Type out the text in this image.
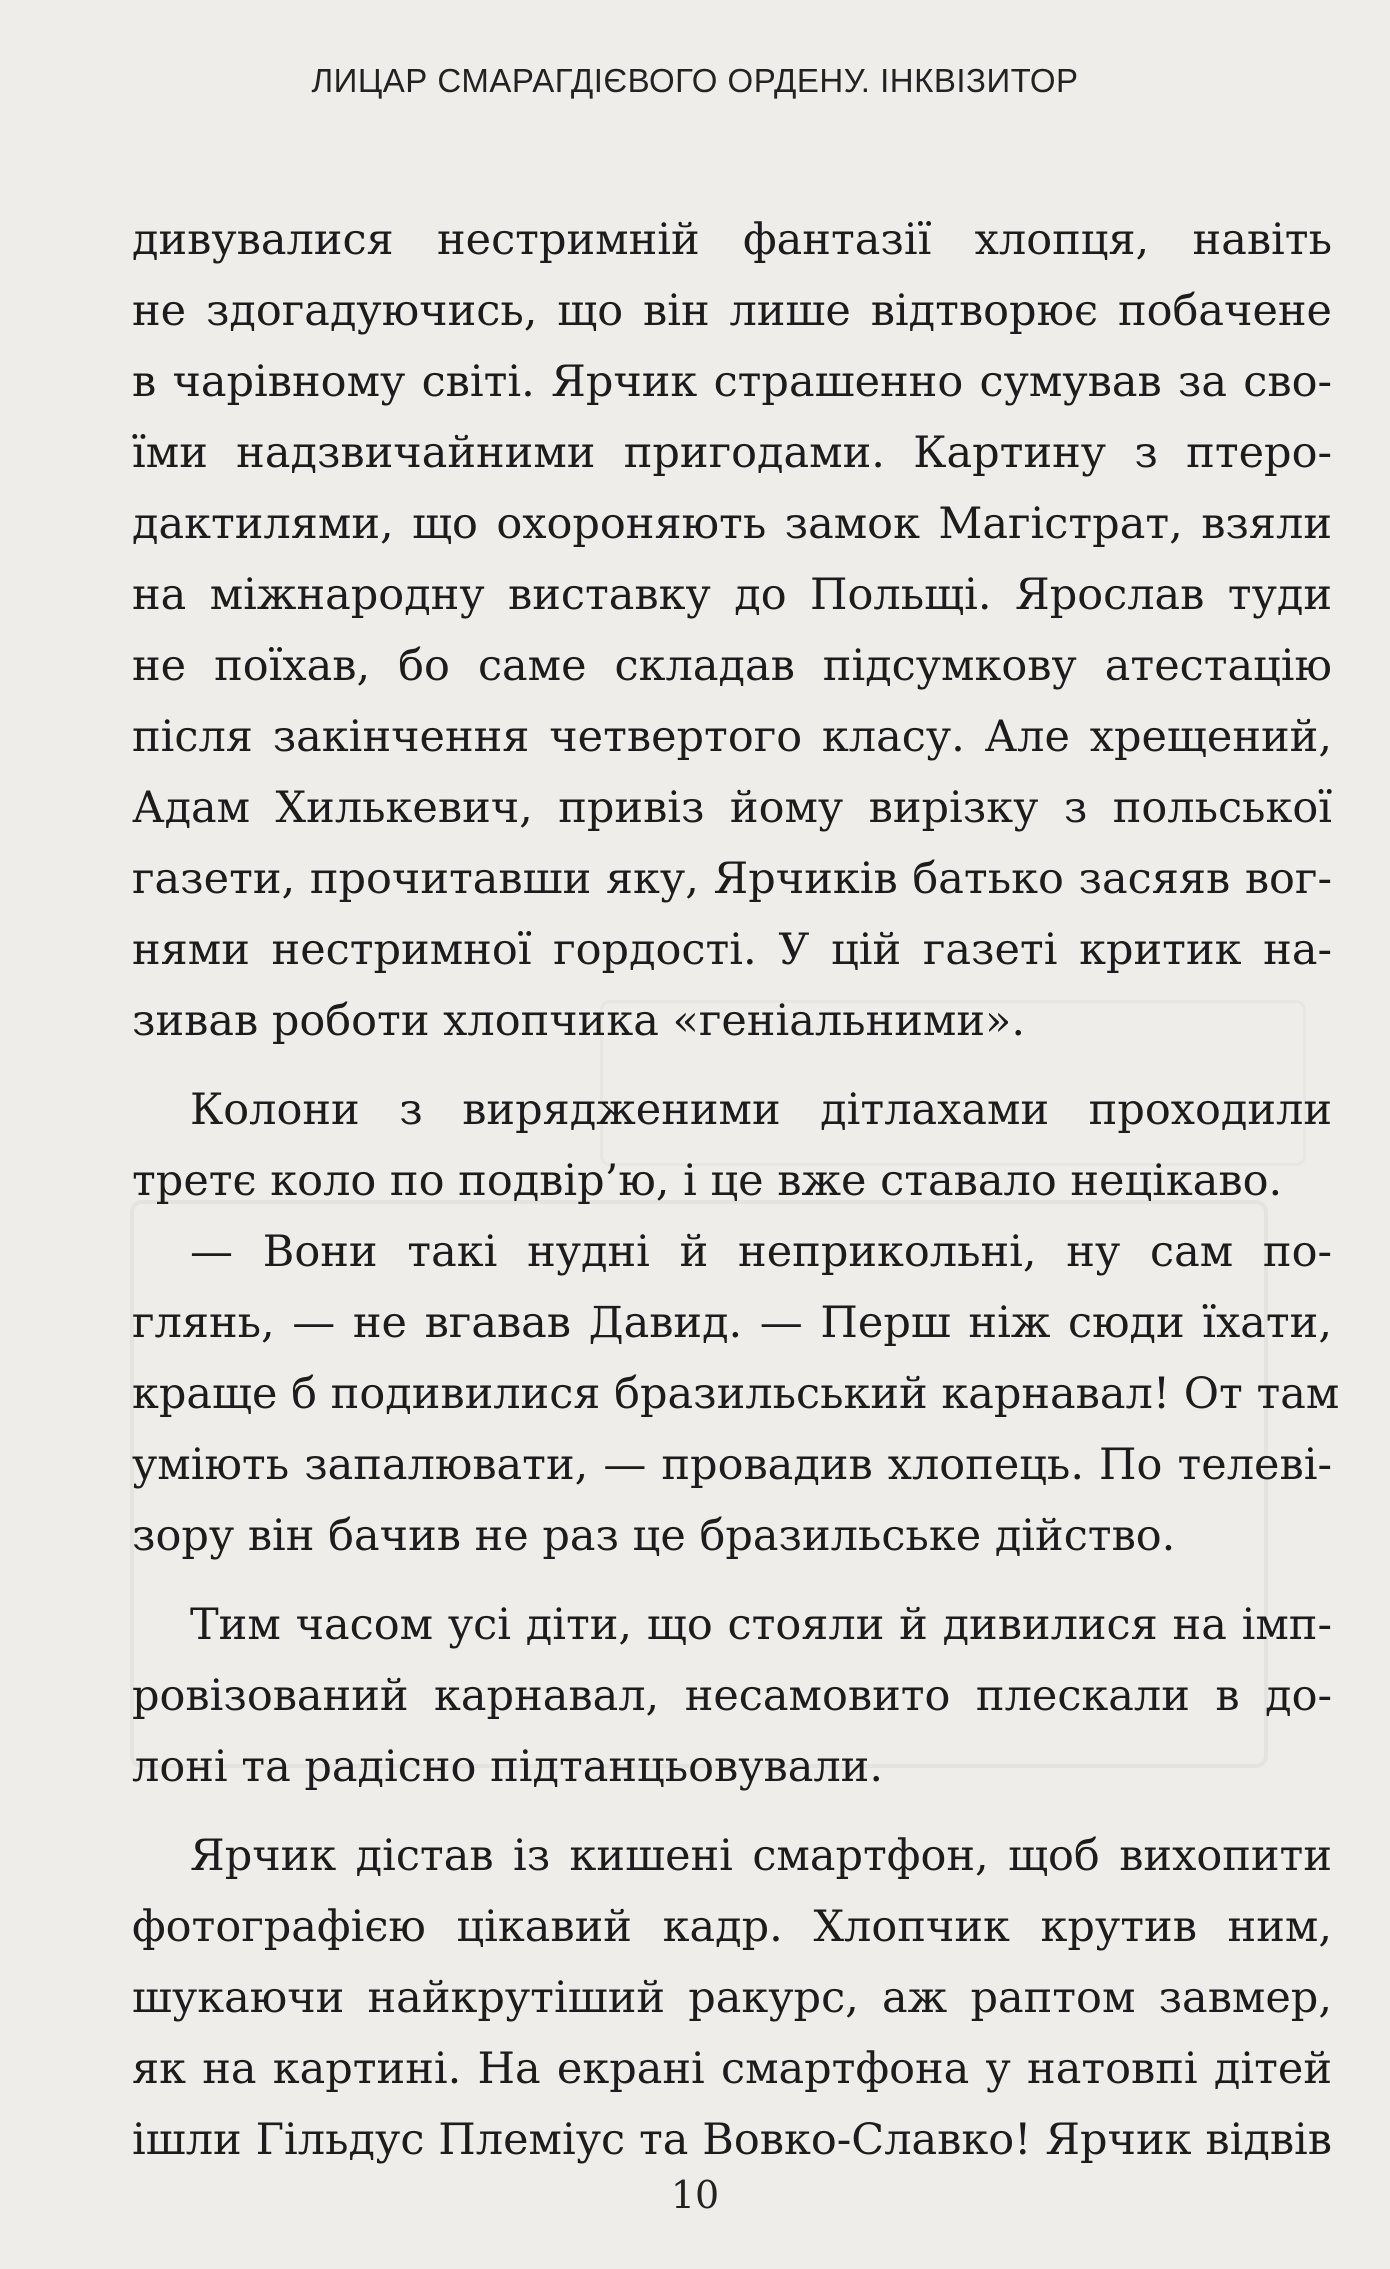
ЛИЦАР СМАРАГДІЄВОГО ОРДЕНУ. ІНКВІЗИТОР
дивувалися нестримній фантазії хлопця, навіть
не здогадуючись, що він лише відтворює побачене
в чарівному світі. Ярчик страшенно сумував за сво-
їми надзвичайними пригодами. Картину з птеро-
дактилями, що охороняють замок Магістрат, взяли
на міжнародну виставку до Польщі. Ярослав туди
не поїхав, бо саме складав підсумкову атестацію
після закінчення четвертого класу. Але хрещений,
Адам Хилькевич, привіз йому вирізку з польської
газети, прочитавши яку, Ярчиків батько засяяв вог-
нями нестримної гордості. У цій газеті критик на-
зивав роботи хлопчика «геніальними».
Колони з вирядженими дітлахами проходили
третє коло по подвір’ю, і це вже ставало нецікаво.
— Вони такі нудні й неприкольні, ну сам по-
глянь, — не вгавав Давид. — Перш ніж сюди їхати,
краще б подивилися бразильський карнавал! От там
уміють запалювати, — провадив хлопець. По телеві-
зору він бачив не раз це бразильське дійство.
Тим часом усі діти, що стояли й дивилися на імп-
ровізований карнавал, несамовито плескали в до-
лоні та радісно підтанцьовували.
Ярчик дістав із кишені смартфон, щоб вихопити
фотографією цікавий кадр. Хлопчик крутив ним,
шукаючи найкрутіший ракурс, аж раптом завмер,
як на картині. На екрані смартфона у натовпі дітей
ішли Гільдус Племіус та Вовко-Славко! Ярчик відвів
10
